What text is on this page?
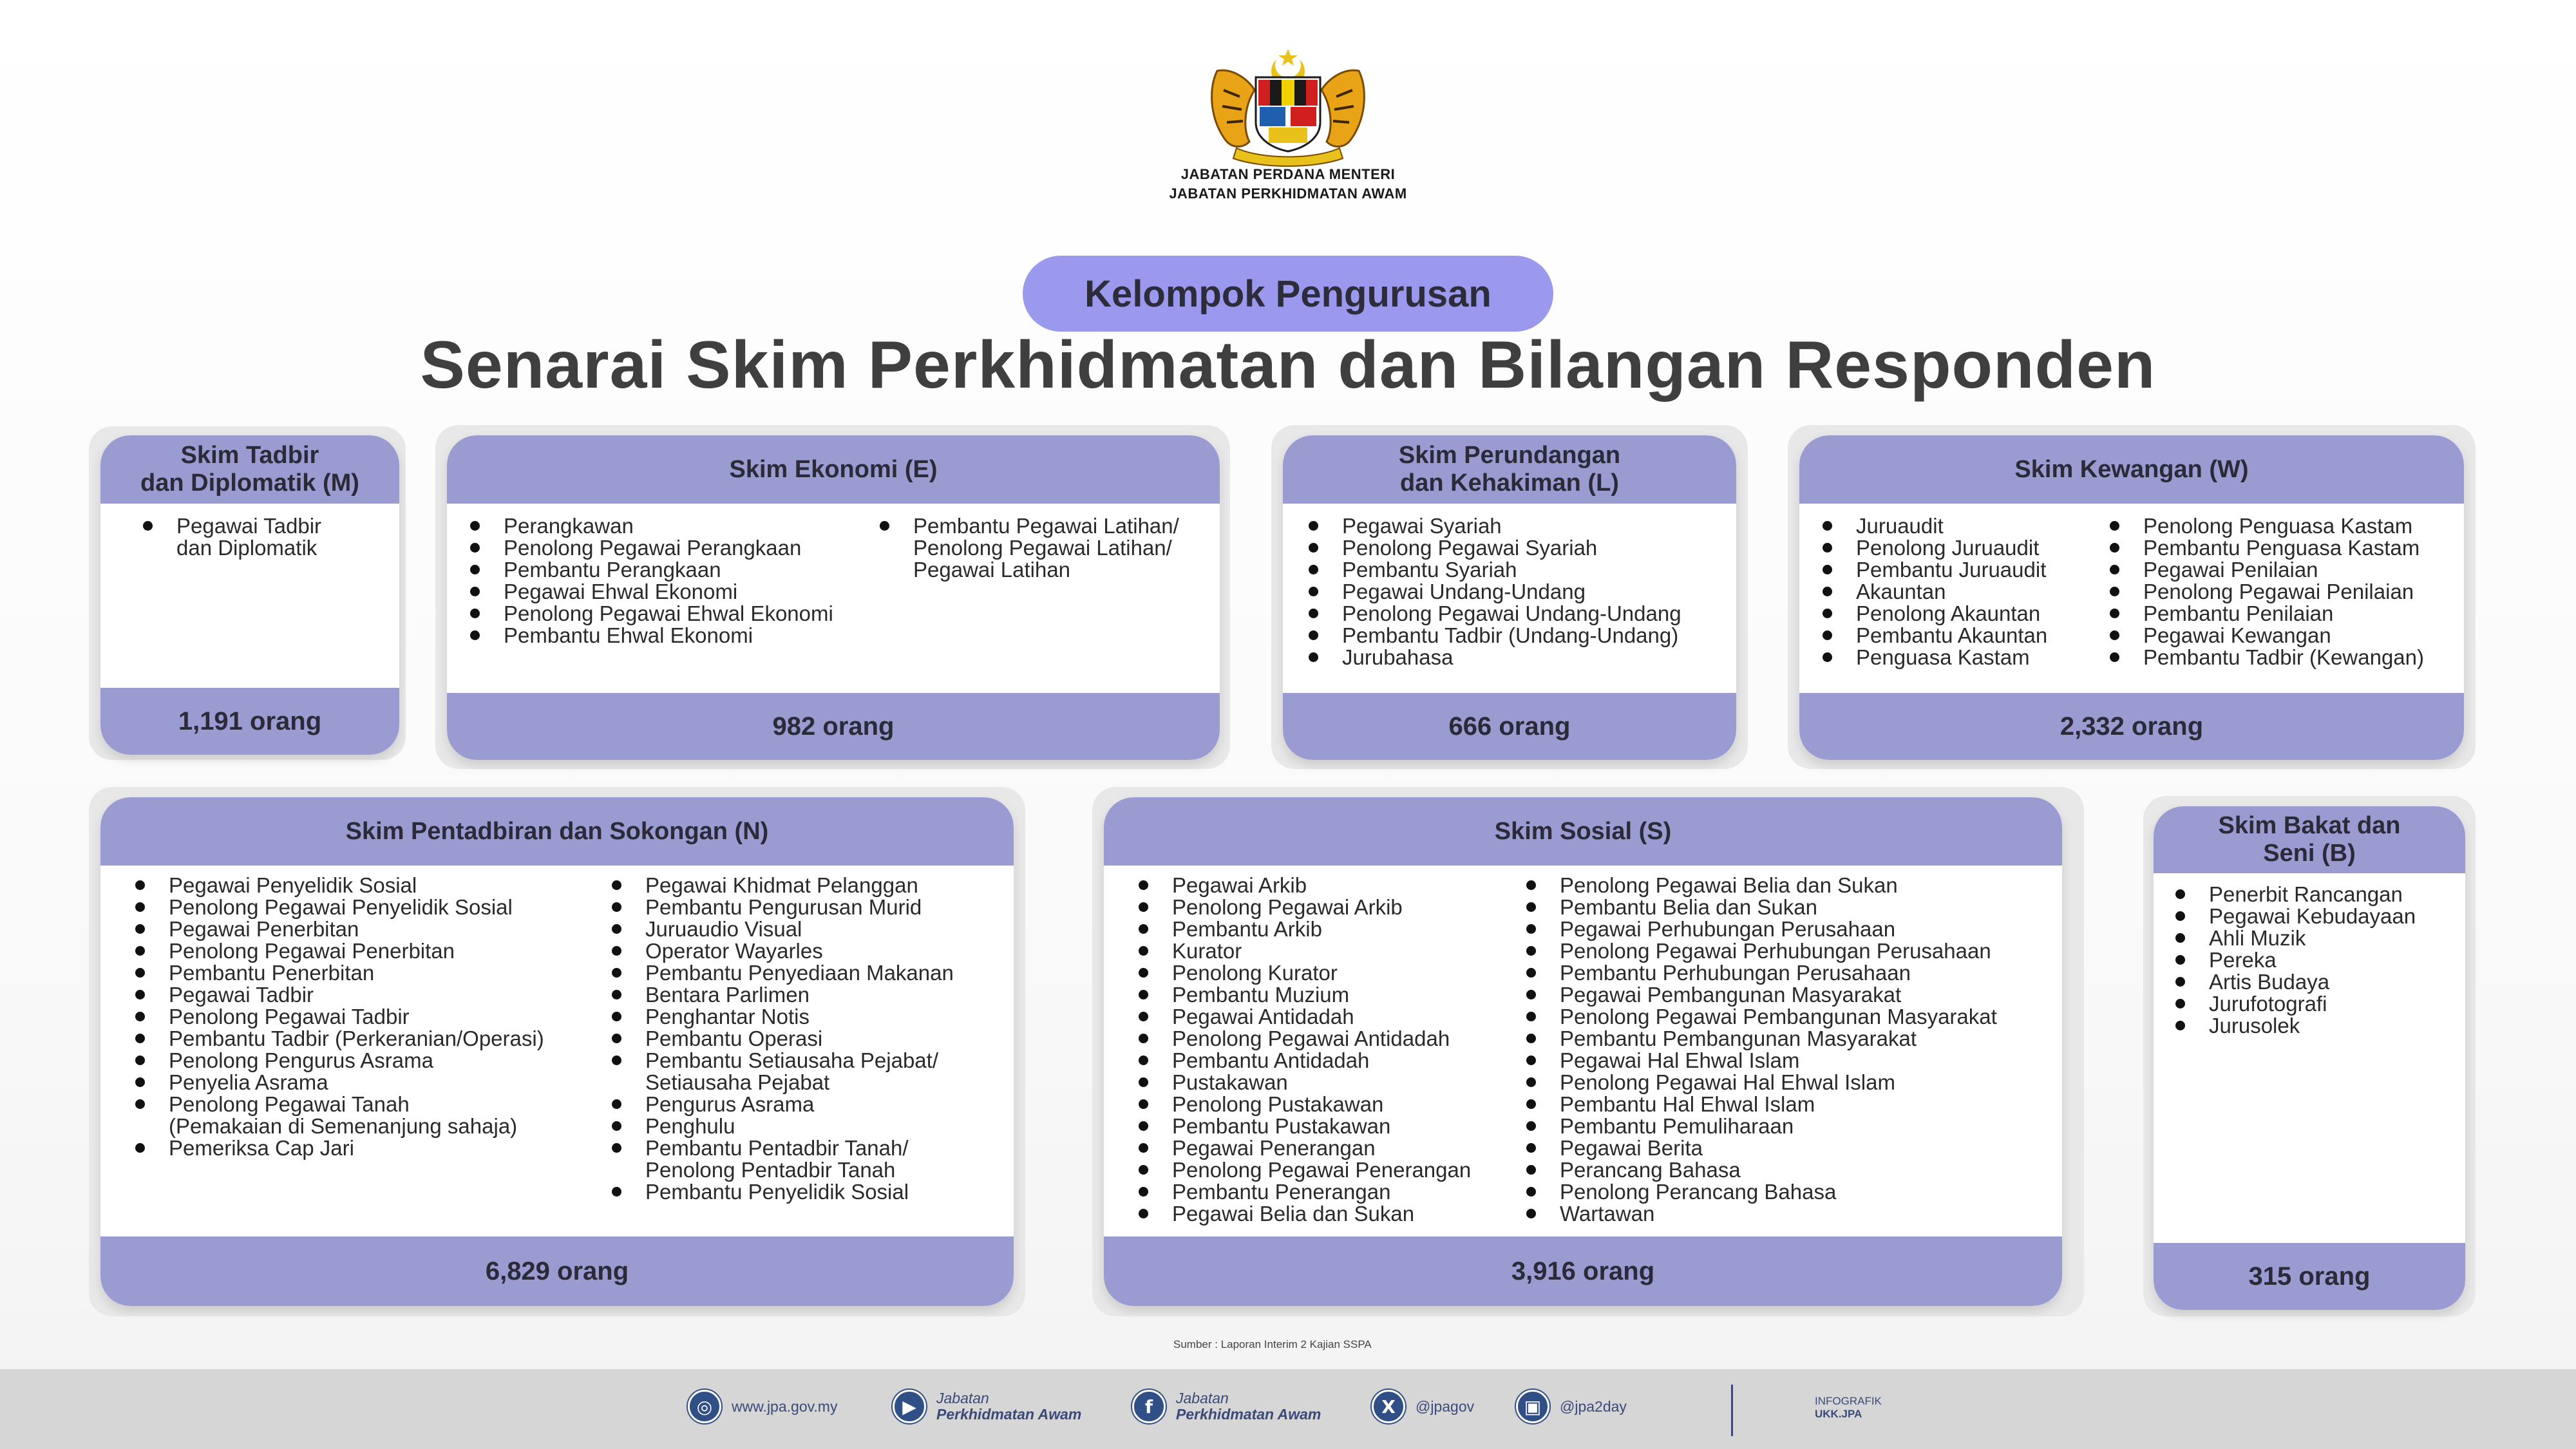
JABATAN PERDANA MENTERI
JABATAN PERKHIDMATAN AWAM
Kelompok Pengurusan
Senarai Skim Perkhidmatan dan Bilangan Responden
Skim Tadbir
dan Diplomatik (M)
Pegawai Tadbir
dan Diplomatik
1,191 orang
Skim Ekonomi (E)
Perangkawan
Penolong Pegawai Perangkaan
Pembantu Perangkaan
Pegawai Ehwal Ekonomi
Penolong Pegawai Ehwal Ekonomi
Pembantu Ehwal Ekonomi
Pembantu Pegawai Latihan/
Penolong Pegawai Latihan/
Pegawai Latihan
982 orang
Skim Perundangan
dan Kehakiman (L)
Pegawai Syariah
Penolong Pegawai Syariah
Pembantu Syariah
Pegawai Undang-Undang
Penolong Pegawai Undang-Undang
Pembantu Tadbir (Undang-Undang)
Jurubahasa
666 orang
Skim Kewangan (W)
Juruaudit
Penolong Juruaudit
Pembantu Juruaudit
Akauntan
Penolong Akauntan
Pembantu Akauntan
Penguasa Kastam
Penolong Penguasa Kastam
Pembantu Penguasa Kastam
Pegawai Penilaian
Penolong Pegawai Penilaian
Pembantu Penilaian
Pegawai Kewangan
Pembantu Tadbir (Kewangan)
2,332 orang
Skim Pentadbiran dan Sokongan (N)
Pegawai Penyelidik Sosial
Penolong Pegawai Penyelidik Sosial
Pegawai Penerbitan
Penolong Pegawai Penerbitan
Pembantu Penerbitan
Pegawai Tadbir
Penolong Pegawai Tadbir
Pembantu Tadbir (Perkeranian/Operasi)
Penolong Pengurus Asrama
Penyelia Asrama
Penolong Pegawai Tanah
(Pemakaian di Semenanjung sahaja)
Pemeriksa Cap Jari
Pegawai Khidmat Pelanggan
Pembantu Pengurusan Murid
Juruaudio Visual
Operator Wayarles
Pembantu Penyediaan Makanan
Bentara Parlimen
Penghantar Notis
Pembantu Operasi
Pembantu Setiausaha Pejabat/
Setiausaha Pejabat
Pengurus Asrama
Penghulu
Pembantu Pentadbir Tanah/
Penolong Pentadbir Tanah
Pembantu Penyelidik Sosial
6,829 orang
Skim Sosial (S)
Pegawai Arkib
Penolong Pegawai Arkib
Pembantu Arkib
Kurator
Penolong Kurator
Pembantu Muzium
Pegawai Antidadah
Penolong Pegawai Antidadah
Pembantu Antidadah
Pustakawan
Penolong Pustakawan
Pembantu Pustakawan
Pegawai Penerangan
Penolong Pegawai Penerangan
Pembantu Penerangan
Pegawai Belia dan Sukan
Penolong Pegawai Belia dan Sukan
Pembantu Belia dan Sukan
Pegawai Perhubungan Perusahaan
Penolong Pegawai Perhubungan Perusahaan
Pembantu Perhubungan Perusahaan
Pegawai Pembangunan Masyarakat
Penolong Pegawai Pembangunan Masyarakat
Pembantu Pembangunan Masyarakat
Pegawai Hal Ehwal Islam
Penolong Pegawai Hal Ehwal Islam
Pembantu Hal Ehwal Islam
Pembantu Pemuliharaan
Pegawai Berita
Perancang Bahasa
Penolong Perancang Bahasa
Wartawan
3,916 orang
Skim Bakat dan
Seni (B)
Penerbit Rancangan
Pegawai Kebudayaan
Ahli Muzik
Pereka
Artis Budaya
Jurufotografi
Jurusolek
315 orang
Sumber : Laporan Interim 2 Kajian SSPA
◎	www.jpa.gov.my	▶	Jabatan
Perkhidmatan Awam	f	Jabatan
Perkhidmatan Awam	X	@jpagov	▣	@jpa2day	INFOGRAFIK
UKK.JPA
